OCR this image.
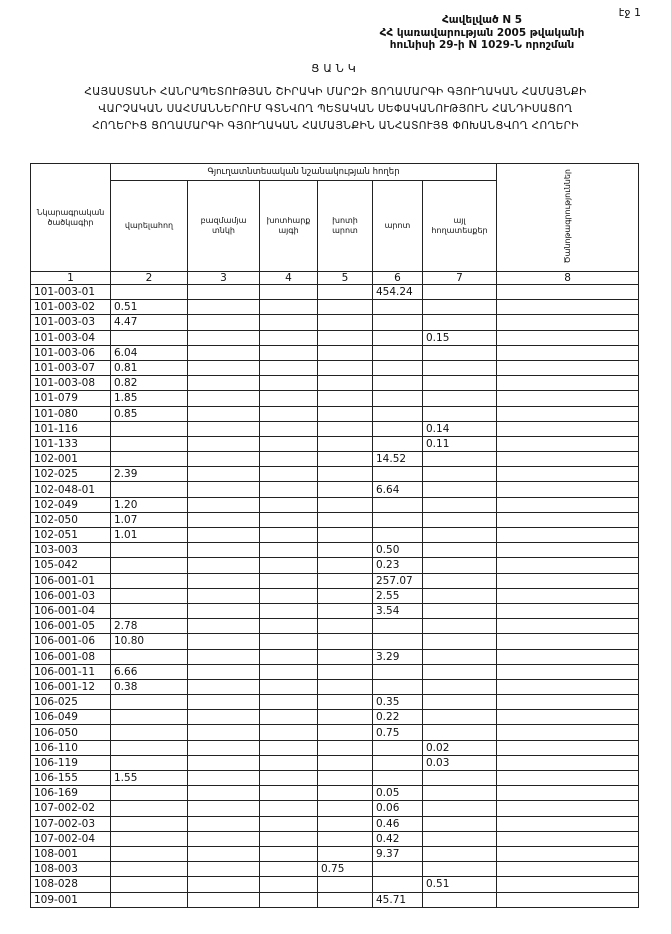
էջ 1
Հավելված N 5
ՀՀ կառավարության 2005 թվականի
հունիսի 29-ի N 1029-Ն որոշման
ՑԱՆԿ
ՀԱՅԱՍՏԱՆԻ ՀԱՆՐԱՊԵՏՈՒԹՅԱՆ ՇԻՐԱԿԻ ՄԱՐԶԻ ՑՈՂԱՄԱՐԳԻ ԳՅՈՒՂԱԿԱՆ ՀԱՄԱՅՆՔԻ
ՎԱՐՉԱԿԱՆ ՍԱՀՄԱՆՆԵՐՈՒՄ ԳՏՆՎՈՂ ՊԵՏԱԿԱՆ ՍԵՓԱԿԱՆՈՒԹՅՈՒՆ ՀԱՆԴԻՍԱՑՈՂ
ՀՈՂԵՐԻՑ ՑՈՂԱՄԱՐԳԻ ԳՅՈՒՂԱԿԱՆ ՀԱՄԱՅՆՔԻՆ ԱՆՀԱՏՈՒՅՑ ՓՈԽԱՆՑՎՈՂ ՀՈՂԵՐԻ
Նկարագրական ծածկագիր	Գյուղատնտեսական նշանակության հողեր						Ծանոթագրություններ
	վարելահող	բազմամյա տնկի	խոտհարք այգի	խոտի արոտ	արոտ	այլ հողատեսքեր	
1	2	3	4	5	6	7	8
101-003-01					454.24		
101-003-02	0.51						
101-003-03	4.47						
101-003-04						0.15	
101-003-06	6.04						
101-003-07	0.81						
101-003-08	0.82						
101-079	1.85						
101-080	0.85						
101-116						0.14	
101-133						0.11	
102-001					14.52		
102-025	2.39						
102-048-01					6.64		
102-049	1.20						
102-050	1.07						
102-051	1.01						
103-003					0.50		
105-042					0.23		
106-001-01					257.07		
106-001-03					2.55		
106-001-04					3.54		
106-001-05	2.78						
106-001-06	10.80						
106-001-08					3.29		
106-001-11	6.66						
106-001-12	0.38						
106-025					0.35		
106-049					0.22		
106-050					0.75		
106-110						0.02	
106-119						0.03	
106-155	1.55						
106-169					0.05		
107-002-02					0.06		
107-002-03					0.46		
107-002-04					0.42		
108-001					9.37		
108-003				0.75			
108-028						0.51	
109-001					45.71		
